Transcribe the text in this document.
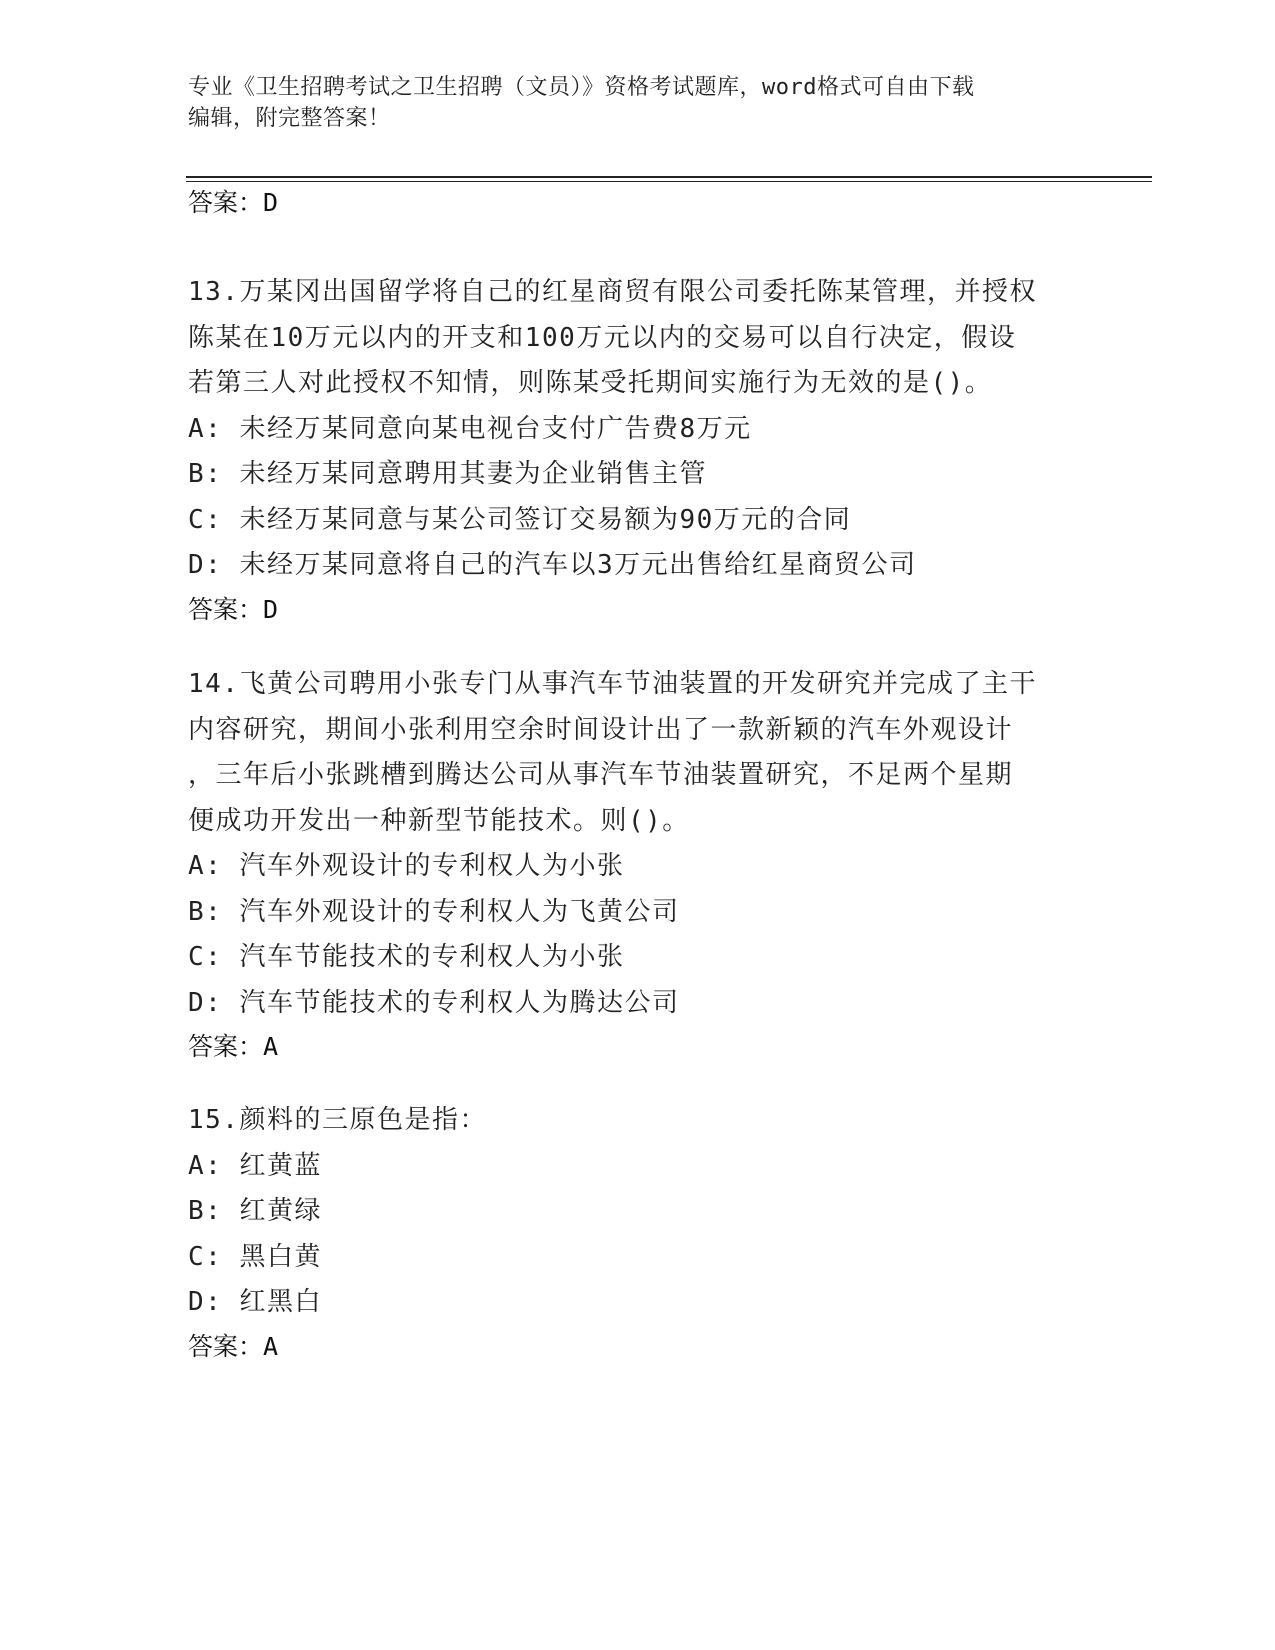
专业《卫生招聘考试之卫生招聘（文员）》资格考试题库，word格式可自由下载
编辑，附完整答案！
答案：D
13.万某冈出国留学将自己的红星商贸有限公司委托陈某管理，并授权
陈某在10万元以内的开支和100万元以内的交易可以自行决定，假设
若第三人对此授权不知情，则陈某受托期间实施行为无效的是()。
A: 未经万某同意向某电视台支付广告费8万元
B: 未经万某同意聘用其妻为企业销售主管
C: 未经万某同意与某公司签订交易额为90万元的合同
D: 未经万某同意将自己的汽车以3万元出售给红星商贸公司
答案：D
14.飞黄公司聘用小张专门从事汽车节油装置的开发研究并完成了主干
内容研究，期间小张利用空余时间设计出了一款新颖的汽车外观设计
，三年后小张跳槽到腾达公司从事汽车节油装置研究，不足两个星期
便成功开发出一种新型节能技术。则()。
A: 汽车外观设计的专利权人为小张
B: 汽车外观设计的专利权人为飞黄公司
C: 汽车节能技术的专利权人为小张
D: 汽车节能技术的专利权人为腾达公司
答案：A
15.颜料的三原色是指：
A: 红黄蓝
B: 红黄绿
C: 黑白黄
D: 红黑白
答案：A
